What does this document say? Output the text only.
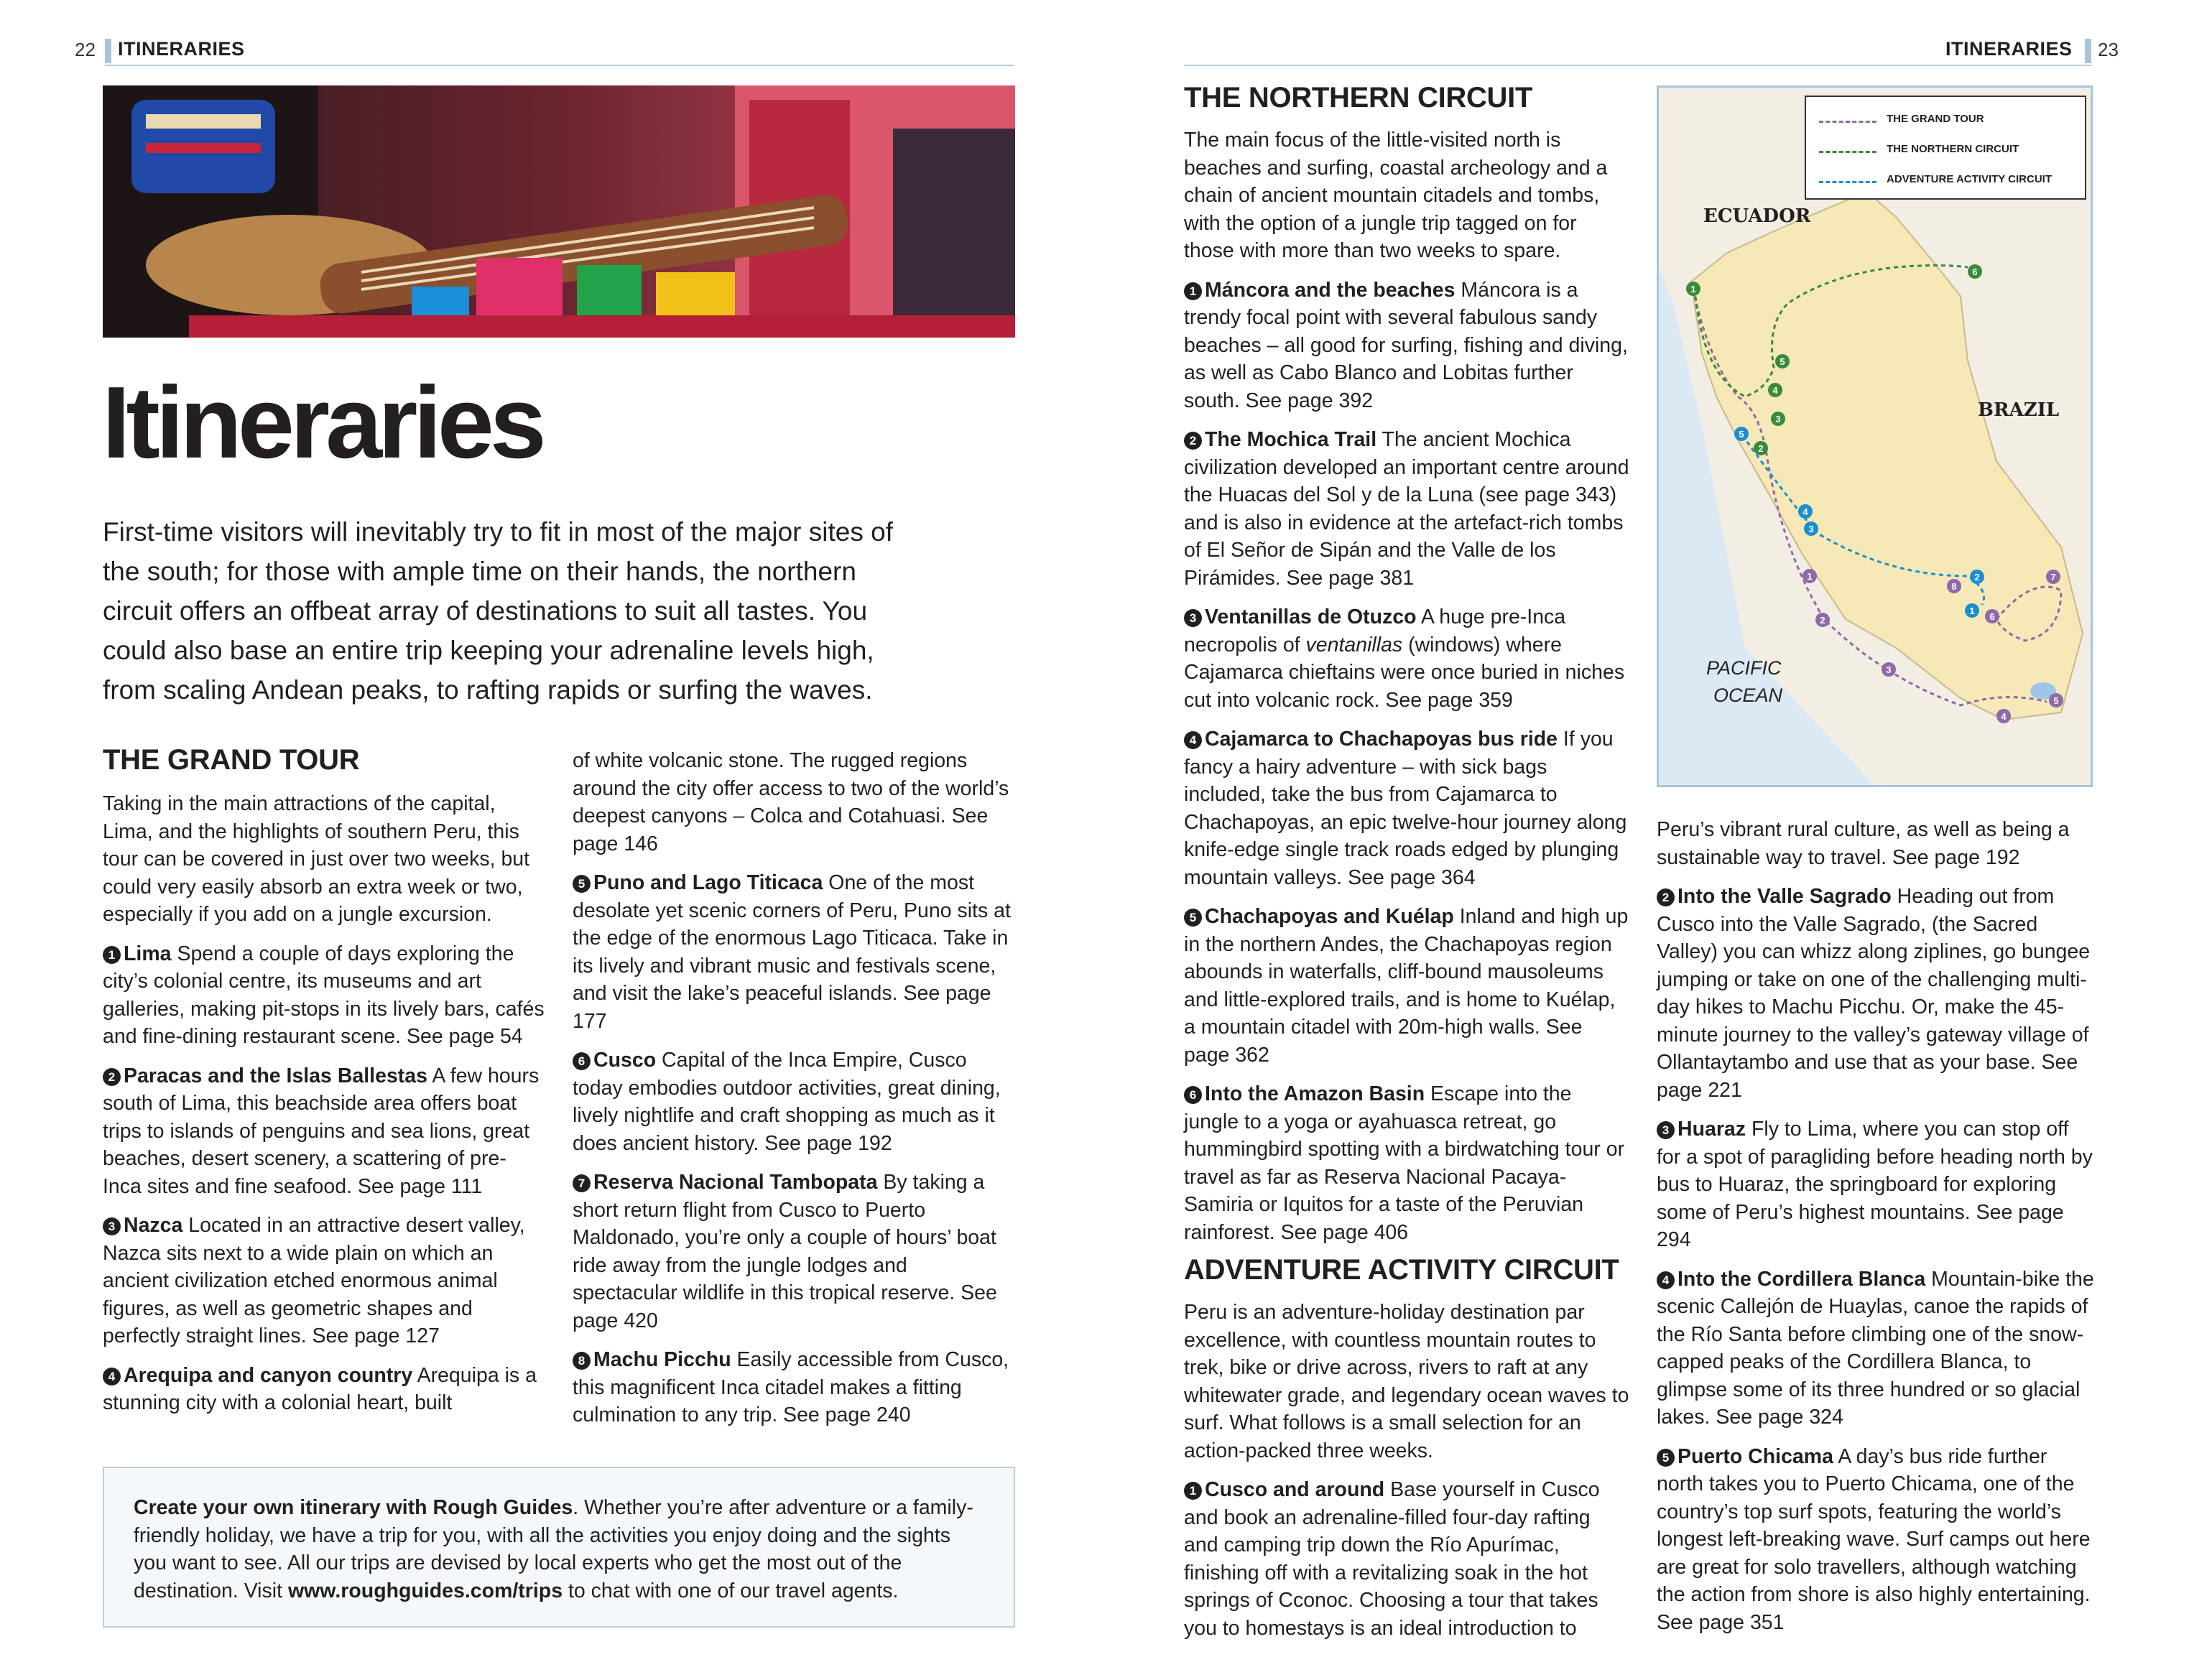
22 ITINERARIES
Itineraries
First-time visitors will inevitably try to fit in most of the major sites of the south; for those with ample time on their hands, the northern circuit offers an offbeat array of destinations to suit all tastes. You could also base an entire trip keeping your adrenaline levels high, from scaling Andean peaks, to rafting rapids or surfing the waves.
THE GRAND TOUR

Taking in the main attractions of the capital, Lima, and the highlights of southern Peru, this tour can be covered in just over two weeks, but could very easily absorb an extra week or two, especially if you add on a jungle excursion.

1 Lima Spend a couple of days exploring the city’s colonial centre, its museums and art galleries, making pit-stops in its lively bars, cafés and fine-dining restaurant scene. See page 54

2 Paracas and the Islas Ballestas A few hours south of Lima, this beachside area offers boat trips to islands of penguins and sea lions, great beaches, desert scenery, a scattering of pre-Inca sites and fine seafood. See page 111

3 Nazca Located in an attractive desert valley, Nazca sits next to a wide plain on which an ancient civilization etched enormous animal figures, as well as geometric shapes and perfectly straight lines. See page 127

4 Arequipa and canyon country Arequipa is a stunning city with a colonial heart, built

of white volcanic stone. The rugged regions around the city offer access to two of the world’s deepest canyons – Colca and Cotahuasi. See page 146

5 Puno and Lago Titicaca One of the most desolate yet scenic corners of Peru, Puno sits at the edge of the enormous Lago Titicaca. Take in its lively and vibrant music and festivals scene, and visit the lake’s peaceful islands. See page 177

6 Cusco Capital of the Inca Empire, Cusco today embodies outdoor activities, great dining, lively nightlife and craft shopping as much as it does ancient history. See page 192

7 Reserva Nacional Tambopata By taking a short return flight from Cusco to Puerto Maldonado, you’re only a couple of hours’ boat ride away from the jungle lodges and spectacular wildlife in this tropical reserve. See page 420

8 Machu Picchu Easily accessible from Cusco, this magnificent Inca citadel makes a fitting culmination to any trip. See page 240

Create your own itinerary with Rough Guides. Whether you’re after adventure or a family-friendly holiday, we have a trip for you, with all the activities you enjoy doing and the sights you want to see. All our trips are devised by local experts who get the most out of the destination. Visit www.roughguides.com/trips to chat with one of our travel agents.
ITINERARIES 23
THE NORTHERN CIRCUIT

The main focus of the little-visited north is beaches and surfing, coastal archeology and a chain of ancient mountain citadels and tombs, with the option of a jungle trip tagged on for those with more than two weeks to spare.

1 Máncora and the beaches Máncora is a trendy focal point with several fabulous sandy beaches – all good for surfing, fishing and diving, as well as Cabo Blanco and Lobitas further south. See page 392

2 The Mochica Trail The ancient Mochica civilization developed an important centre around the Huacas del Sol y de la Luna (see page 343) and is also in evidence at the artefact-rich tombs of El Señor de Sipán and the Valle de los Pirámides. See page 381

3 Ventanillas de Otuzco A huge pre-Inca necropolis of ventanillas (windows) where Cajamarca chieftains were once buried in niches cut into volcanic rock. See page 359

4 Cajamarca to Chachapoyas bus ride If you fancy a hairy adventure – with sick bags included, take the bus from Cajamarca to Chachapoyas, an epic twelve-hour journey along knife-edge single track roads edged by plunging mountain valleys. See page 364

5 Chachapoyas and Kuélap Inland and high up in the northern Andes, the Chachapoyas region abounds in waterfalls, cliff-bound mausoleums and little-explored trails, and is home to Kuélap, a mountain citadel with 20m-high walls. See page 362

6 Into the Amazon Basin Escape into the jungle to a yoga or ayahuasca retreat, go hummingbird spotting with a birdwatching tour or travel as far as Reserva Nacional Pacaya-Samiria or Iquitos for a taste of the Peruvian rainforest. See page 406

ADVENTURE ACTIVITY CIRCUIT

Peru is an adventure-holiday destination par excellence, with countless mountain routes to trek, bike or drive across, rivers to raft at any whitewater grade, and legendary ocean waves to surf. What follows is a small selection for an action-packed three weeks.

1 Cusco and around Base yourself in Cusco and book an adrenaline-filled four-day rafting and camping trip down the Río Apurímac, finishing off with a revitalizing soak in the hot springs of Cconoc. Choosing a tour that takes you to homestays is an ideal introduction to

1
5
4
3
2
6
5
4
3
2
1
1
2
3
4
5
6
7
8
ECUADOR
BRAZIL
PACIFIC
OCEAN
THE GRAND TOUR
THE NORTHERN CIRCUIT
ADVENTURE ACTIVITY CIRCUIT

Peru’s vibrant rural culture, as well as being a sustainable way to travel. See page 192

2 Into the Valle Sagrado Heading out from Cusco into the Valle Sagrado, (the Sacred Valley) you can whizz along ziplines, go bungee jumping or take on one of the challenging multi-day hikes to Machu Picchu. Or, make the 45-minute journey to the valley’s gateway village of Ollantaytambo and use that as your base. See page 221

3 Huaraz Fly to Lima, where you can stop off for a spot of paragliding before heading north by bus to Huaraz, the springboard for exploring some of Peru’s highest mountains. See page 294

4 Into the Cordillera Blanca Mountain-bike the scenic Callejón de Huaylas, canoe the rapids of the Río Santa before climbing one of the snow-capped peaks of the Cordillera Blanca, to glimpse some of its three hundred or so glacial lakes. See page 324

5 Puerto Chicama A day’s bus ride further north takes you to Puerto Chicama, one of the country’s top surf spots, featuring the world’s longest left-breaking wave. Surf camps out here are great for solo travellers, although watching the action from shore is also highly entertaining. See page 351
